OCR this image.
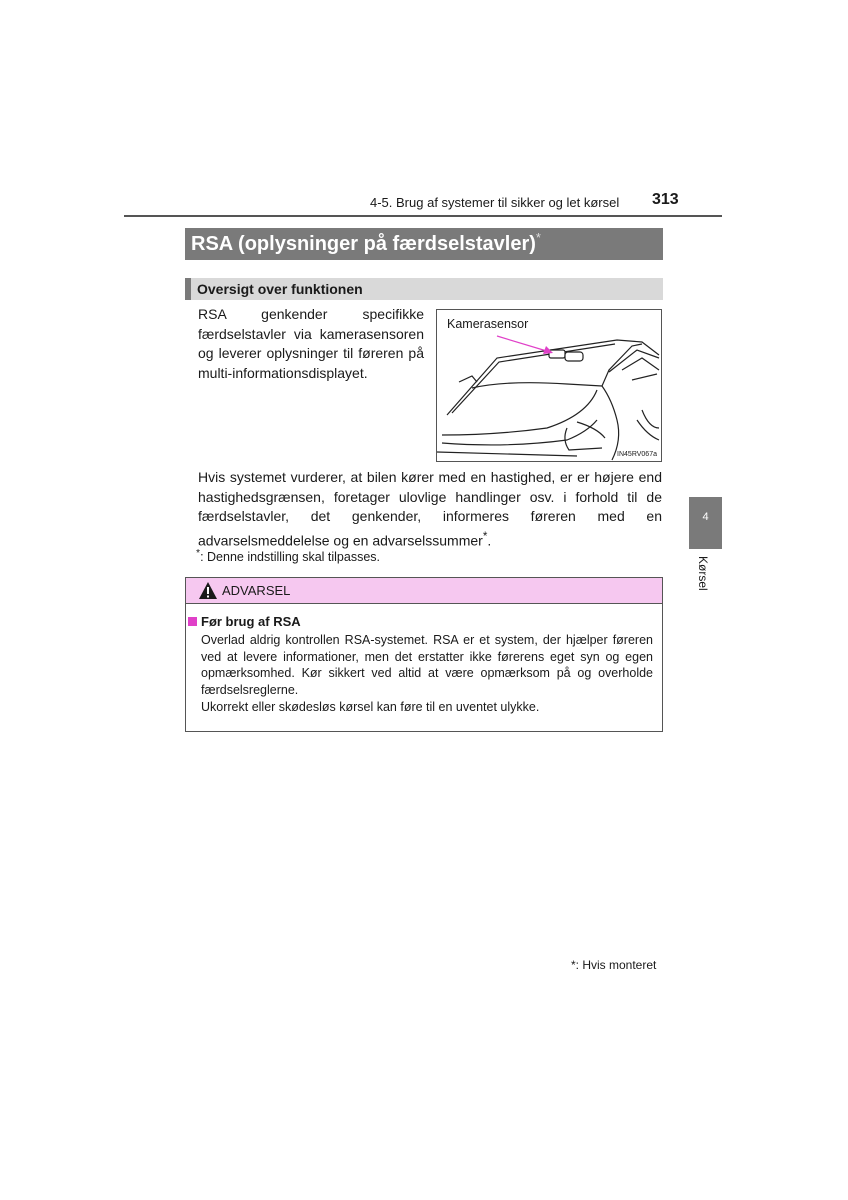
4-5. Brug af systemer til sikker og let kørsel 313
RSA (oplysninger på færdselstavler)*
Oversigt over funktionen
RSA genkender specifikke færdselstavler via kamerasensoren og leverer oplysninger til føreren på multi-informationsdisplayet.
Kamerasensor
IN45RV067a
Hvis systemet vurderer, at bilen kører med en hastighed, er er højere end hastighedsgrænsen, foretager ulovlige handlinger osv. i forhold til de færdselstavler, det genkender, informeres føreren med en advarselsmeddelelse og en advarselssummer*.
*: Denne indstilling skal tilpasses.
ADVARSEL
Før brug af RSA
Overlad aldrig kontrollen RSA-systemet. RSA er et system, der hjælper føreren ved at levere informationer, men det erstatter ikke førerens eget syn og egen opmærksomhed. Kør sikkert ved altid at være opmærksom på og overholde færdselsreglerne.
Ukorrekt eller skødesløs kørsel kan føre til en uventet ulykke.
4
Kørsel
*: Hvis monteret
